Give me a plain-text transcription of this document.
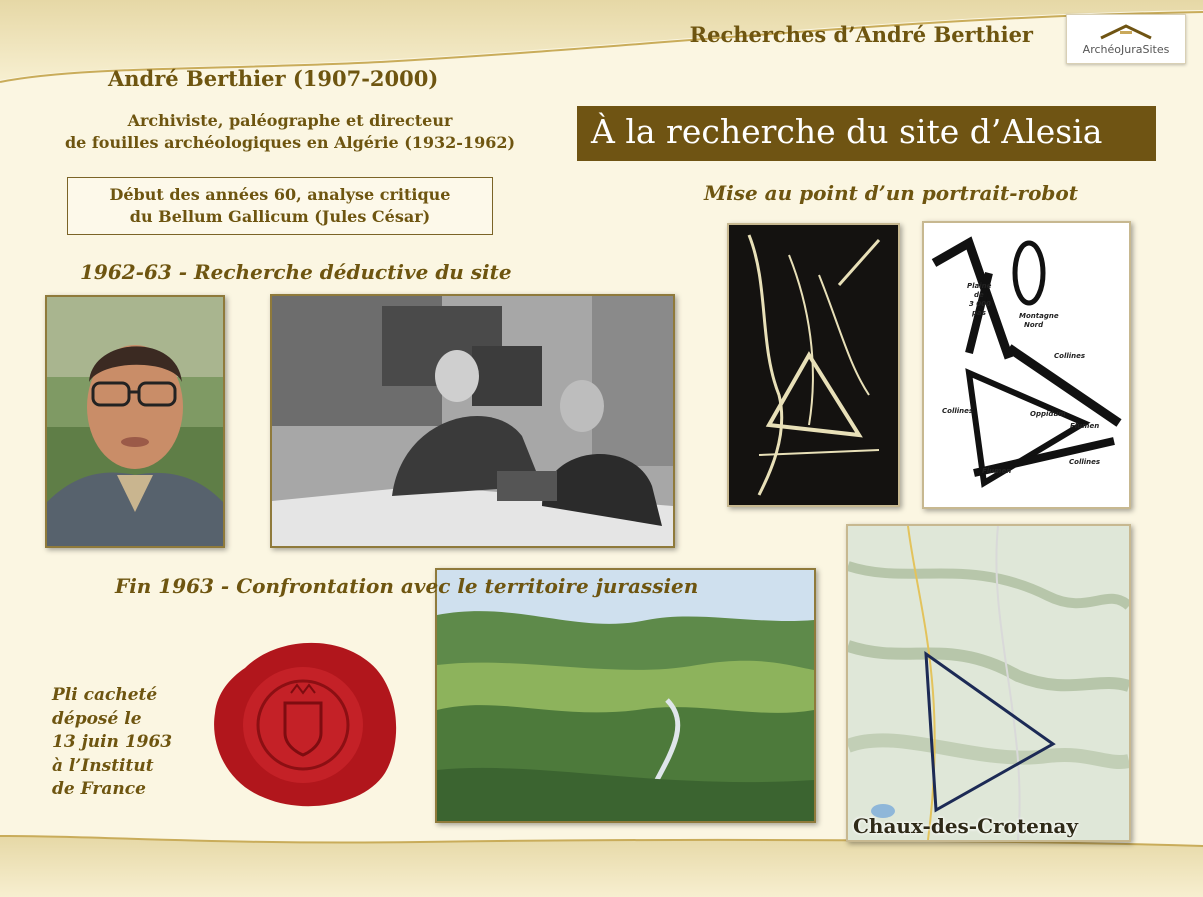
Recherches d’André Berthier
ArchéoJuraSites
André Berthier (1907-2000)
Archiviste, paléographe et directeur
de fouilles archéologiques en Algérie (1932-1962)
Début des années 60, analyse critique
du Bellum Gallicum (Jules César)
À la recherche du site d’Alesia
Mise au point d’un portrait-robot
1962-63 - Recherche déductive du site
Plaine
de
3 000
pas	Montagne
Nord
Collines
Collines	Oppidum
Flumen
Flumen
Collines
Chaux-des-Crotenay
Fin 1963 - Confrontation avec le territoire jurassien
Pli cacheté
déposé le
13 juin 1963
à l’Institut
de France
